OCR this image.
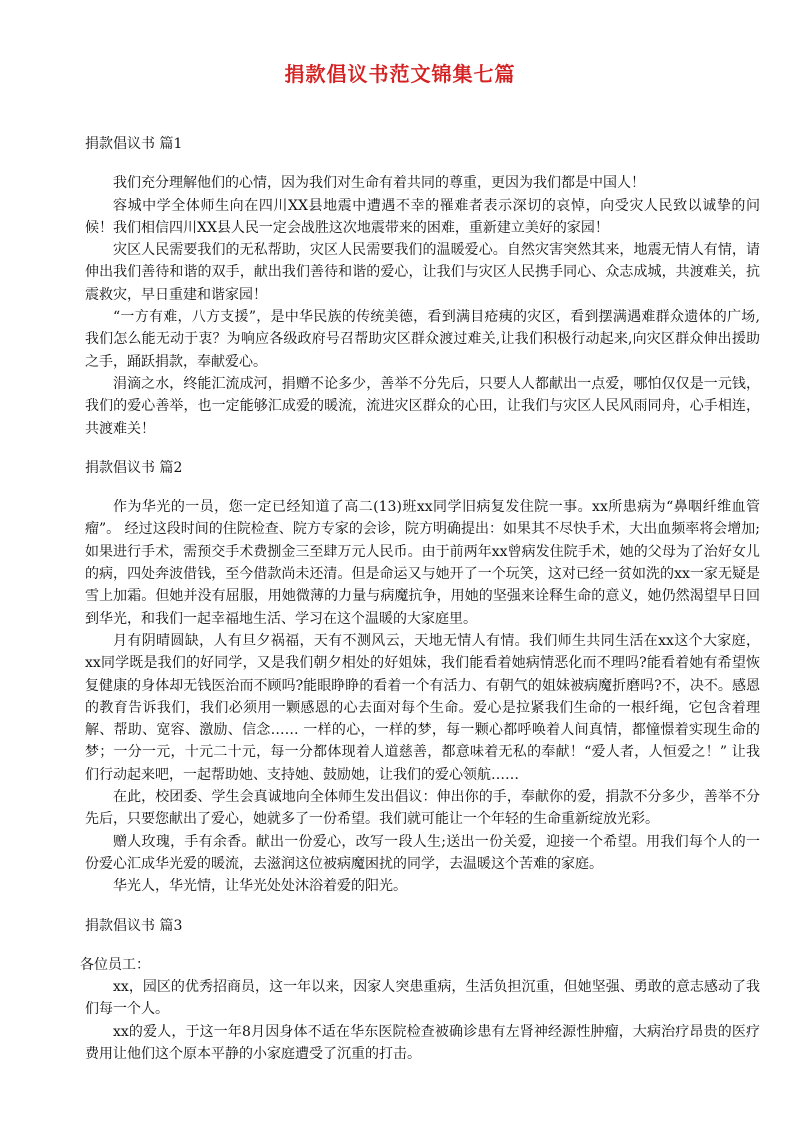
捐款倡议书范文锦集七篇
捐款倡议书 篇1

我们充分理解他们的心情，因为我们对生命有着共同的尊重，更因为我们都是中国人！

容城中学全体师生向在四川XX县地震中遭遇不幸的罹难者表示深切的哀悼，向受灾人民致以诚挚的问候！我们相信四川XX县人民一定会战胜这次地震带来的困难，重新建立美好的家园！

灾区人民需要我们的无私帮助，灾区人民需要我们的温暖爱心。自然灾害突然其来，地震无情人有情，请伸出我们善待和谐的双手，献出我们善待和谐的爱心，让我们与灾区人民携手同心、众志成城，共渡难关，抗震救灾，早日重建和谐家园！

“一方有难，八方支援”，是中华民族的传统美德，看到满目疮痍的灾区，看到摆满遇难群众遗体的广场,我们怎么能无动于衷？为响应各级政府号召帮助灾区群众渡过难关,让我们积极行动起来,向灾区群众伸出援助之手，踊跃捐款，奉献爱心。

涓滴之水，终能汇流成河，捐赠不论多少，善举不分先后，只要人人都献出一点爱，哪怕仅仅是一元钱，我们的爱心善举，也一定能够汇成爱的暖流，流进灾区群众的心田，让我们与灾区人民风雨同舟，心手相连，共渡难关！

捐款倡议书 篇2

作为华光的一员，您一定已经知道了高二(13)班xx同学旧病复发住院一事。xx所患病为“鼻咽纤维血管瘤”。 经过这段时间的住院检查、院方专家的会诊，院方明确提出：如果其不尽快手术，大出血频率将会增加;如果进行手术，需预交手术费捌金三至肆万元人民币。由于前两年xx曾病发住院手术，她的父母为了治好女儿的病，四处奔波借钱，至今借款尚未还清。但是命运又与她开了一个玩笑，这对已经一贫如洗的xx一家无疑是雪上加霜。但她并没有屈服，用她微薄的力量与病魔抗争，用她的坚强来诠释生命的意义，她仍然渴望早日回到华光，和我们一起幸福地生活、学习在这个温暖的大家庭里。

月有阴晴圆缺，人有旦夕祸福，天有不测风云，天地无情人有情。我们师生共同生活在xx这个大家庭，xx同学既是我们的好同学，又是我们朝夕相处的好姐妹，我们能看着她病情恶化而不理吗?能看着她有希望恢复健康的身体却无钱医治而不顾吗?能眼睁睁的看着一个有活力、有朝气的姐妹被病魔折磨吗?不，决不。感恩的教育告诉我们，我们必须用一颗感恩的心去面对每个生命。爱心是拉紧我们生命的一根纤绳，它包含着理解、帮助、宽容、激励、信念…… 一样的心，一样的梦，每一颗心都呼唤着人间真情，都憧憬着实现生命的梦；一分一元，十元二十元，每一分都体现着人道慈善，都意味着无私的奉献！“爱人者，人恒爱之！” 让我们行动起来吧，一起帮助她、支持她、鼓励她，让我们的爱心领航……

在此，校团委、学生会真诚地向全体师生发出倡议：伸出你的手，奉献你的爱，捐款不分多少，善举不分先后，只要您献出了爱心，她就多了一份希望。我们就可能让一个年轻的生命重新绽放光彩。

赠人玫瑰，手有余香。献出一份爱心，改写一段人生;送出一份关爱，迎接一个希望。用我们每个人的一份爱心汇成华光爱的暖流，去滋润这位被病魔困扰的同学，去温暖这个苦难的家庭。

华光人，华光情，让华光处处沐浴着爱的阳光。

捐款倡议书 篇3

各位员工：

xx，园区的优秀招商员，这一年以来，因家人突患重病，生活负担沉重，但她坚强、勇敢的意志感动了我们每一个人。

xx的爱人，于这一年8月因身体不适在华东医院检查被确诊患有左肾神经源性肿瘤，大病治疗昂贵的医疗费用让他们这个原本平静的小家庭遭受了沉重的打击。
